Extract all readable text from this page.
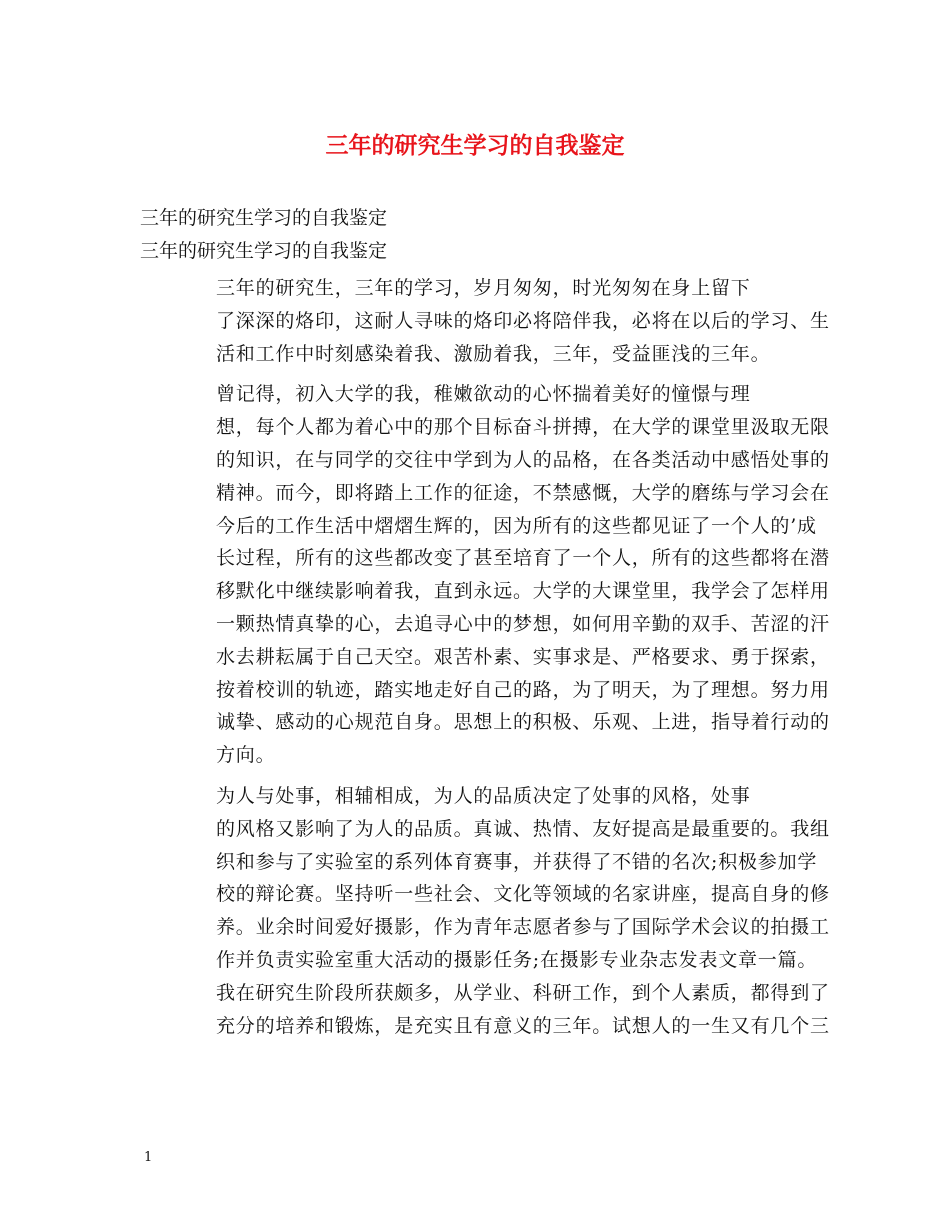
三年的研究生学习的自我鉴定

三年的研究生学习的自我鉴定

三年的研究生学习的自我鉴定

三年的研究生，三年的学习，岁月匆匆，时光匆匆在身上留下
了深深的烙印，这耐人寻味的烙印必将陪伴我，必将在以后的学习、生
活和工作中时刻感染着我、激励着我，三年，受益匪浅的三年。

曾记得，初入大学的我，稚嫩欲动的心怀揣着美好的憧憬与理
想，每个人都为着心中的那个目标奋斗拼搏，在大学的课堂里汲取无限
的知识，在与同学的交往中学到为人的品格，在各类活动中感悟处事的
精神。而今，即将踏上工作的征途，不禁感慨，大学的磨练与学习会在
今后的工作生活中熠熠生辉的，因为所有的这些都见证了一个人的’成
长过程，所有的这些都改变了甚至培育了一个人，所有的这些都将在潜
移默化中继续影响着我，直到永远。大学的大课堂里，我学会了怎样用
一颗热情真挚的心，去追寻心中的梦想，如何用辛勤的双手、苦涩的汗
水去耕耘属于自己天空。艰苦朴素、实事求是、严格要求、勇于探索，
按着校训的轨迹，踏实地走好自己的路，为了明天，为了理想。努力用
诚挚、感动的心规范自身。思想上的积极、乐观、上进，指导着行动的
方向。

为人与处事，相辅相成，为人的品质决定了处事的风格，处事
的风格又影响了为人的品质。真诚、热情、友好提高是最重要的。我组
织和参与了实验室的系列体育赛事，并获得了不错的名次;积极参加学
校的辩论赛。坚持听一些社会、文化等领域的名家讲座，提高自身的修
养。业余时间爱好摄影，作为青年志愿者参与了国际学术会议的拍摄工
作并负责实验室重大活动的摄影任务;在摄影专业杂志发表文章一篇。
我在研究生阶段所获颇多，从学业、科研工作，到个人素质，都得到了
充分的培养和锻炼，是充实且有意义的三年。试想人的一生又有几个三

1
